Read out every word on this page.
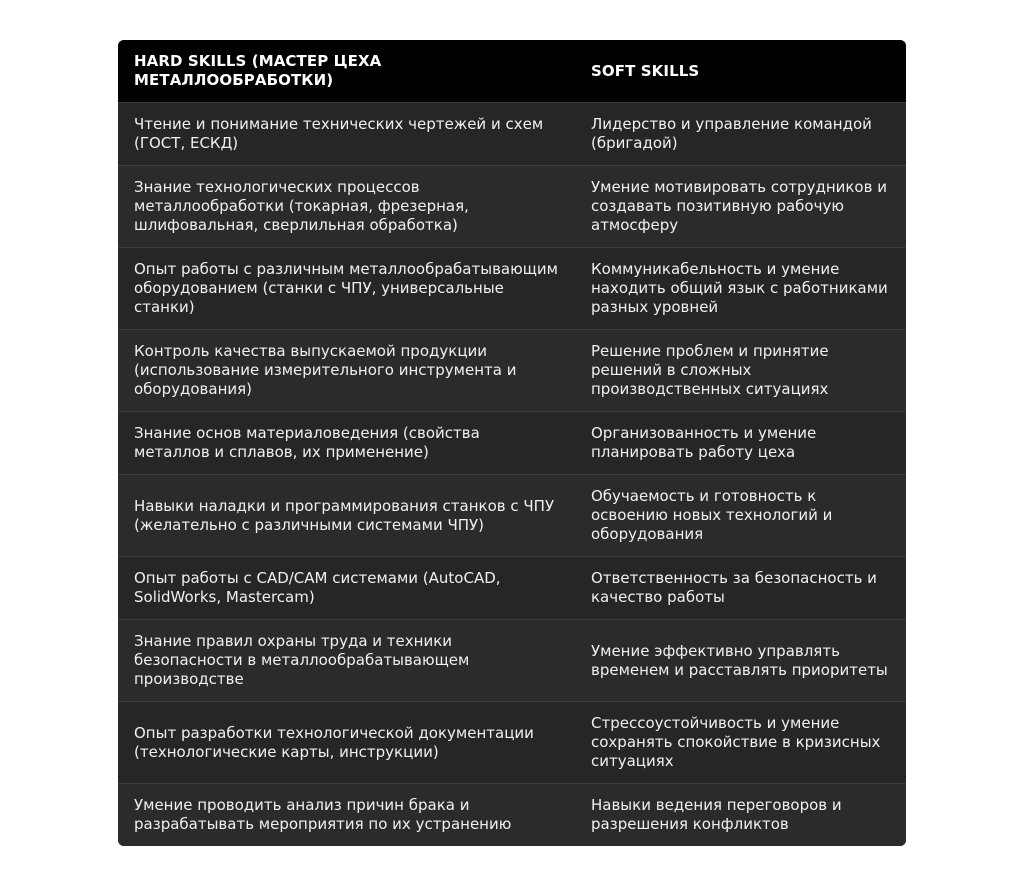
HARD SKILLS (МАСТЕР ЦЕХА МЕТАЛЛООБРАБОТКИ)	SOFT SKILLS
Чтение и понимание технических чертежей и схем (ГОСТ, ЕСКД)	Лидерство и управление командой (бригадой)
Знание технологических процессов металлообработки (токарная, фрезерная, шлифовальная, сверлильная обработка)	Умение мотивировать сотрудников и создавать позитивную рабочую атмосферу
Опыт работы с различным металлообрабатывающим оборудованием (станки с ЧПУ, универсальные станки)	Коммуникабельность и умение находить общий язык с работниками разных уровней
Контроль качества выпускаемой продукции (использование измерительного инструмента и оборудования)	Решение проблем и принятие решений в сложных производственных ситуациях
Знание основ материаловедения (свойства металлов и сплавов, их применение)	Организованность и умение планировать работу цеха
Навыки наладки и программирования станков с ЧПУ (желательно с различными системами ЧПУ)	Обучаемость и готовность к освоению новых технологий и оборудования
Опыт работы с CAD/CAM системами (AutoCAD, SolidWorks, Mastercam)	Ответственность за безопасность и качество работы
Знание правил охраны труда и техники безопасности в металлообрабатывающем производстве	Умение эффективно управлять временем и расставлять приоритеты
Опыт разработки технологической документации (технологические карты, инструкции)	Стрессоустойчивость и умение сохранять спокойствие в кризисных ситуациях
Умение проводить анализ причин брака и разрабатывать мероприятия по их устранению	Навыки ведения переговоров и разрешения конфликтов
